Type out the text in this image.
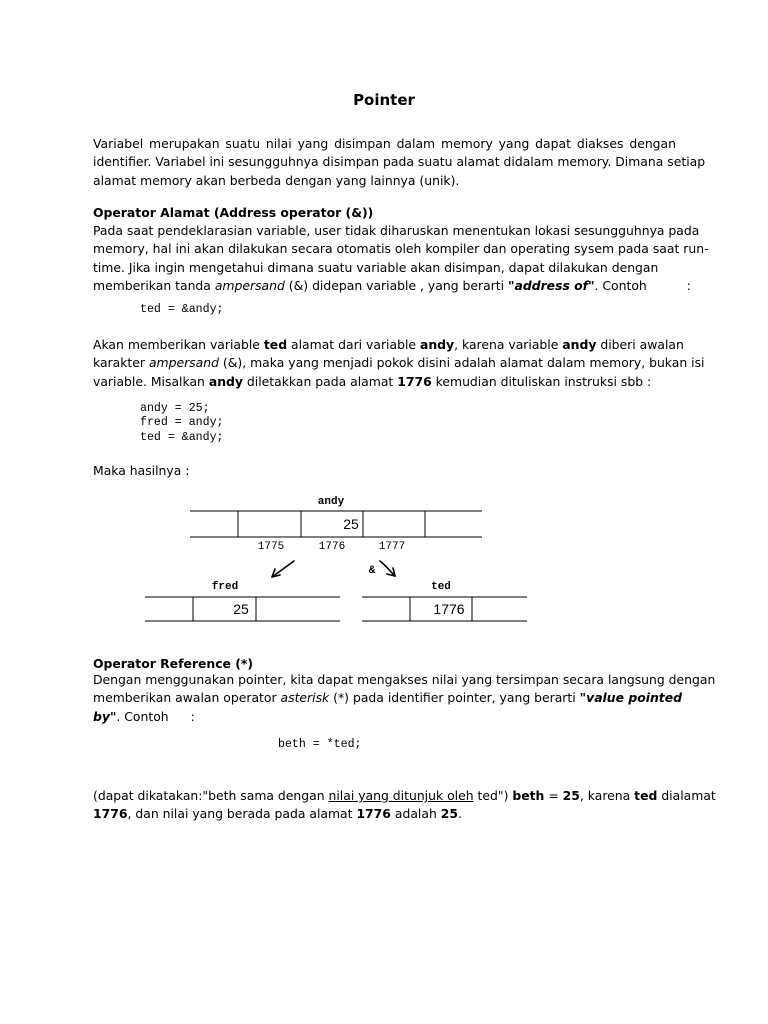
Pointer
Variabel merupakan suatu nilai yang disimpan dalam memory yang dapat diakses dengan
identifier. Variabel ini sesungguhnya disimpan pada suatu alamat didalam memory. Dimana setiap
alamat memory akan berbeda dengan yang lainnya (unik).
Operator Alamat (Address operator (&))
Pada saat pendeklarasian variable, user tidak diharuskan menentukan lokasi sesungguhnya pada
memory, hal ini akan dilakukan secara otomatis oleh kompiler dan operating sysem pada saat run-
time. Jika ingin mengetahui dimana suatu variable akan disimpan, dapat dilakukan dengan
memberikan tanda ampersand (&) didepan variable , yang berarti "address of". Contoh	:
ted = &andy;
Akan memberikan variable ted alamat dari variable andy, karena variable andy diberi awalan
karakter ampersand (&), maka yang menjadi pokok disini adalah alamat dalam memory, bukan isi
variable. Misalkan andy diletakkan pada alamat 1776 kemudian dituliskan instruksi sbb :
andy = 25;
fred = andy;
ted = &andy;
Maka hasilnya :
andy
25
1775	1776	1777
&
fred
25
ted
1776
Operator Reference (*)
Dengan menggunakan pointer, kita dapat mengakses nilai yang tersimpan secara langsung dengan
memberikan awalan operator asterisk (*) pada identifier pointer, yang berarti "value pointed
by". Contoh :
beth = *ted;
(dapat dikatakan:"beth sama dengan nilai yang ditunjuk oleh ted") beth = 25, karena ted dialamat
1776, dan nilai yang berada pada alamat 1776 adalah 25.
